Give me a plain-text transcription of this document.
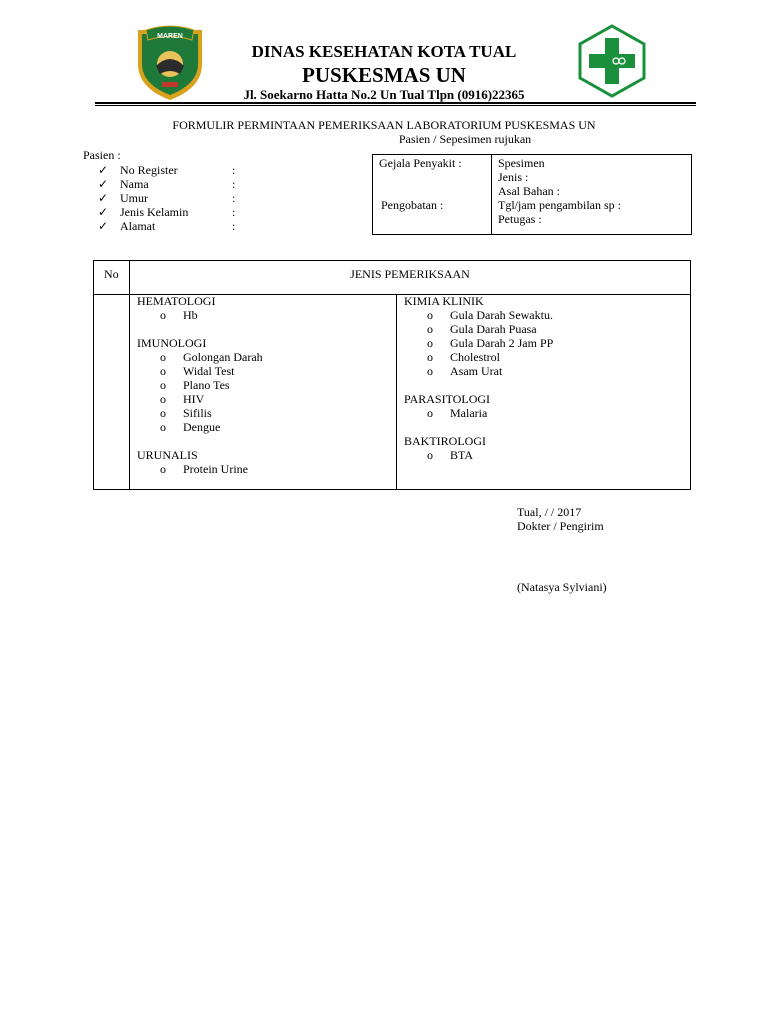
MAREN
DINAS KESEHATAN KOTA TUAL
PUSKESMAS UN
Jl. Soekarno Hatta No.2 Un Tual Tlpn (0916)22365
FORMULIR PERMINTAAN PEMERIKSAAN LABORATORIUM PUSKESMAS UN
Pasien / Sepesimen rujukan
Pasien :
✓ No Register	:
✓ Nama	:
✓ Umur	:
✓ Jenis Kelamin	:
✓ Alamat	:
Gejala Penyakit :
Pengobatan :
Spesimen
Jenis :
Asal Bahan :
Tgl/jam pengambilan sp :
Petugas :
No	JENIS PEMERIKSAAN
HEMATOLOGI
o Hb
IMUNOLOGI
o Golongan Darah
o Widal Test
o Plano Tes
o HIV
o Sifilis
o Dengue
URUNALIS
o Protein Urine
KIMIA KLINIK
o Gula Darah Sewaktu.
o Gula Darah Puasa
o Gula Darah 2 Jam PP
o Cholestrol
o Asam Urat
PARASITOLOGI
o Malaria
BAKTIROLOGI
o BTA
Tual, / / 2017
Dokter / Pengirim
(Natasya Sylviani)
